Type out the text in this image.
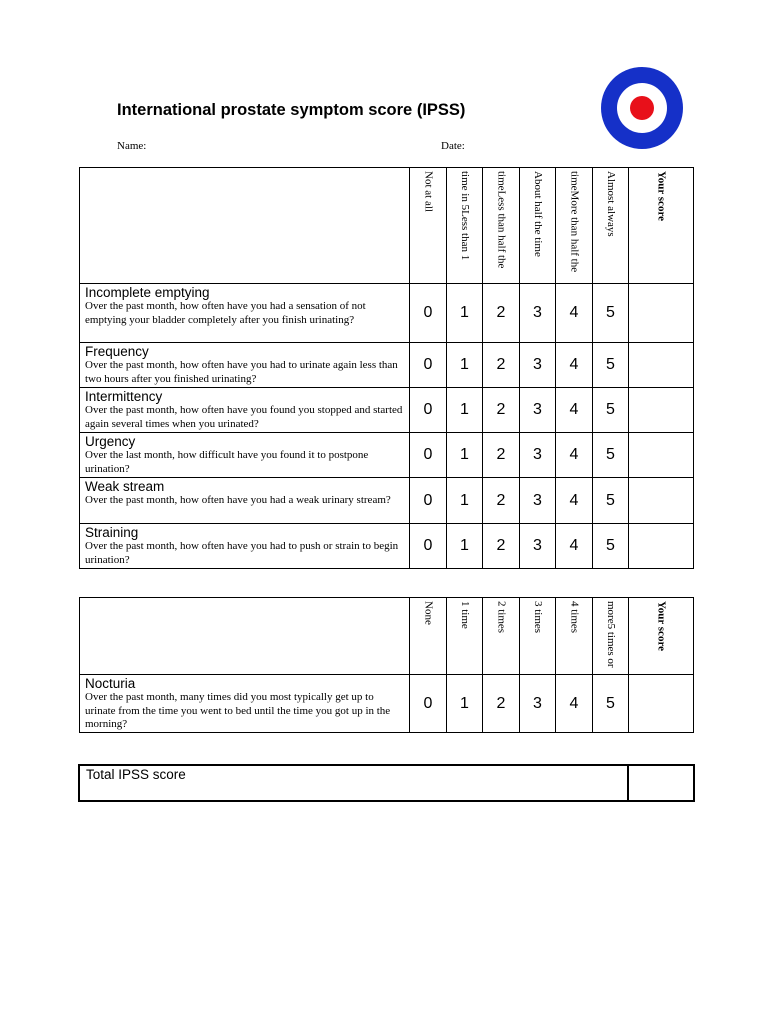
International prostate symptom score (IPSS)
Name:	Date:

	Not at all	time in 5Less than 1	timeLess than half the	About half the time	timeMore than half the	Almost always	Your score

Incomplete emptying
Over the past month, how often have you had a sensation of not emptying your bladder completely after you finish urinating?	0	1	2	3	4	5	

Frequency
Over the past month, how often have you had to urinate again less than two hours after you finished urinating?	0	1	2	3	4	5	

Intermittency
Over the past month, how often have you found you stopped and started again several times when you urinated?	0	1	2	3	4	5	

Urgency
Over the last month, how difficult have you found it to postpone urination?	0	1	2	3	4	5	

Weak stream
Over the past month, how often have you had a weak urinary stream?	0	1	2	3	4	5	

Straining
Over the past month, how often have you had to push or strain to begin urination?	0	1	2	3	4	5	

	None	1 time	2 times	3 times	4 times	more5 times or	Your score

Nocturia
Over the past month, many times did you most typically get up to urinate from the time you went to bed until the time you got up in the morning?	0	1	2	3	4	5	
Total IPSS score	
